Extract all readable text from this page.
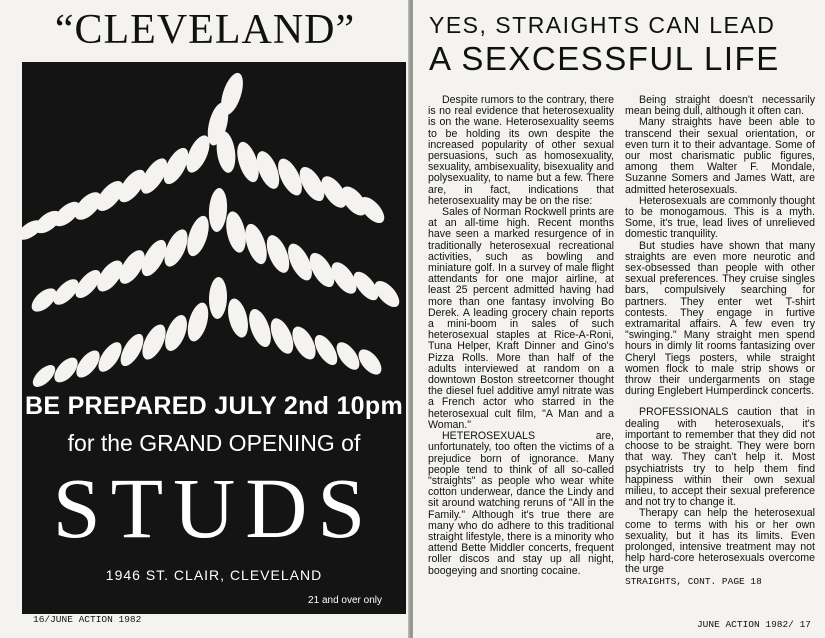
“CLEVELAND”
BE PREPARED JULY 2nd 10pm
for the GRAND OPENING of
STUDS
1946 ST. CLAIR, CLEVELAND
21 and over only
16/JUNE ACTION 1982
YES, STRAIGHTS CAN LEAD
A SEXCESSFUL LIFE

Despite rumors to the contrary, there is no real evidence that heterosexuality is on the wane. Heterosexuality seems to be holding its own despite the increased popularity of other sexual persuasions, such as homosexuality, sexuality, ambisexuality, bisexuality and polysexuality, to name but a few. There are, in fact, indications that heterosexuality may be on the rise:

Sales of Norman Rockwell prints are at an all-time high. Recent months have seen a marked resurgence of in traditionally heterosexual recreational activities, such as bowling and miniature golf. In a survey of male flight attendants for one major airline, at least 25 percent admitted having had more than one fantasy involving Bo Derek. A leading grocery chain reports a mini-boom in sales of such heterosexual staples at Rice-A-Roni, Tuna Helper, Kraft Dinner and Gino's Pizza Rolls. More than half of the adults interviewed at random on a downtown Boston streetcorner thought the diesel fuel additive amyl nitrate was a French actor who starred in the heterosexual cult film, "A Man and a Woman."

HETEROSEXUALS are, unfortunately, too often the victims of a prejudice born of ignorance. Many people tend to think of all so-called "straights" as people who wear white cotton underwear, dance the Lindy and sit around watching reruns of "All in the Family." Although it's true there are many who do adhere to this traditional straight lifestyle, there is a minority who attend Bette Middler concerts, frequent roller discos and stay up all night, boogeying and snorting cocaine.

Being straight doesn't necessarily mean being dull, although it often can.

Many straights have been able to transcend their sexual orientation, or even turn it to their advantage. Some of our most charismatic public figures, among them Walter F. Mondale, Suzanne Somers and James Watt, are admitted heterosexuals.

Heterosexuals are commonly thought to be monogamous. This is a myth. Some, it's true, lead lives of unrelieved domestic tranquility.

But studies have shown that many straights are even more neurotic and sex-obsessed than people with other sexual preferences. They cruise singles bars, compulsively searching for partners. They enter wet T-shirt contests. They engage in furtive extramarital affairs. A few even try "swinging." Many straight men spend hours in dimly lit rooms fantasizing over Cheryl Tiegs posters, while straight women flock to male strip shows or throw their undergarments on stage during Englebert Humperdinck concerts.

PROFESSIONALS caution that in dealing with heterosexuals, it's important to remember that they did not choose to be straight. They were born that way. They can't help it. Most psychiatrists try to help them find happiness within their own sexual milieu, to accept their sexual preference and not try to change it.

Therapy can help the heterosexual come to terms with his or her own sexuality, but it has its limits. Even prolonged, intensive treatment may not help hard-core heterosexuals overcome the urge

STRAIGHTS, CONT. PAGE 18
JUNE ACTION 1982/ 17
